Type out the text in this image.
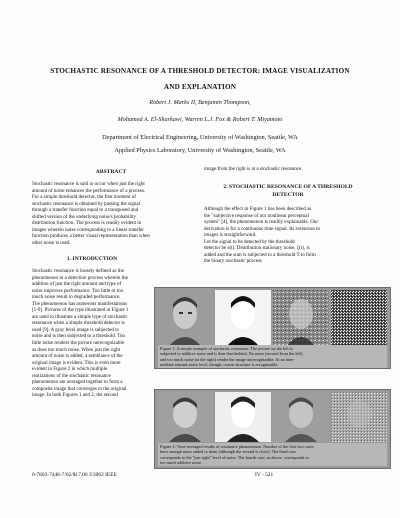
STOCHASTIC RESONANCE OF A THRESHOLD DETECTOR: IMAGE VISUALIZATION
AND EXPLANATION
Robert J. Marks II, Benjamin Thompson,
Mohamed A. El-Sharkawi, Warren L.J. Fox & Robert T. Miyamoto
Department of Electrical Engineering, University of Washington, Seattle, WA
Applied Physics Laboratory, University of Washington, Seattle, WA
ABSTRACT
Stochastic resonance is said to occur when just the right
amount of noise enhances the performance of a process.
For a simple threshold detector, the first moment of
stochastic resonance is obtained by passing the signal
through a transfer function equal to a transposed and
shifted version of the underlying noise's probability
distribution function. The process is readily evident in
images wherein noise corresponding to a linear transfer
function produces a better visual representation than when
other noise is used.
1. INTRODUCTION
Stochastic resonance is loosely defined as the
phenomenon in a detection process wherein the
addition of just the right amount and type of
noise improves performance. Too little or too
much noise result in degraded performance.
The phenomenon has numerous manifestations
[1-9]. Pictures of the type illustrated in Figure 1
are used to illustrate a simple type of stochastic
resonance when a simple threshold detector is
used [9]. A gray level image is subjected to
noise and is then subjected to a threshold. Too
little noise renders the picture unrecognizable
as does too much noise. When just the right
amount of noise is added, a semblance of the
original image is evident. This is even more
evident in Figure 2 in which multiple
realizations of the stochastic resonance
phenomenon are averaged together to form a
composite image that converges to the original
image. In both Figures 1 and 2, the second
image from the right is at a stochastic resonance.
2. STOCHASTIC RESONANCE OF A THRESHOLD
DETECTOR
Although the effect in Figure 1 has been described as
the "subjective response of our nonlinear perceptual
system" [4], the phenomenon is readily explainable. Our
derivation is for a continuous time signal. Its extension to
images is straightforward.
Let the signal to be detected by the threshold
detector be s(t). Distribution stationary noise, ξ(t), is
added and the sum is subjected to a threshold T to form
the binary stochastic process
Figure 1: A simple example of stochastic resonance. The picture on the left is
subjected to additive noise and is then thresholded. No noise (second from the left)
and too much noise (at the right) render the image unrecognizable. At an inter-
mediate amount noise level, though, coarse structure is recognizable.
Figure 2: Time-averaged results of resonance phenomenon. Number of the first two cases
have enough noise added to them (although the second is close). The third case
corresponds to the "just right" level of noise. The fourth case, as above, corresponds to
too much additive noise.
0-7803-7448-7/02/$17.00 ©2002 IEEE	IV - 521
